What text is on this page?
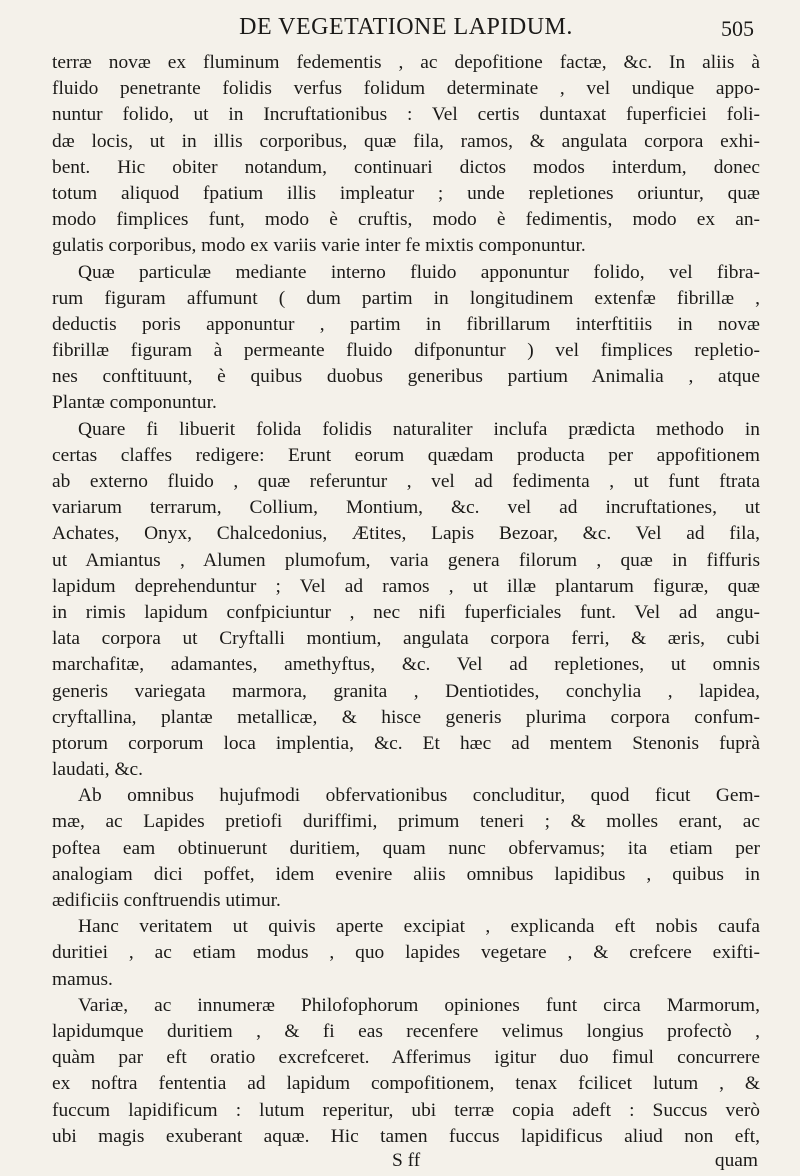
DE VEGETATIONE LAPIDUM.	505
terræ novæ ex fluminum fedementis , ac depofitione factæ, &c. In aliis à
fluido penetrante folidis verfus folidum determinate , vel undique appo-
nuntur folido, ut in Incruftationibus : Vel certis duntaxat fuperficiei foli-
dæ locis, ut in illis corporibus, quæ fila, ramos, & angulata corpora exhi-
bent. Hic obiter notandum, continuari dictos modos interdum, donec
totum aliquod fpatium illis impleatur ; unde repletiones oriuntur, quæ
modo fimplices funt, modo è cruftis, modo è fedimentis, modo ex an-
gulatis corporibus, modo ex variis varie inter fe mixtis componuntur.
Quæ particulæ mediante interno fluido apponuntur folido, vel fibra-
rum figuram affumunt ( dum partim in longitudinem extenfæ fibrillæ ,
deductis poris apponuntur , partim in fibrillarum interftitiis in novæ
fibrillæ figuram à permeante fluido difponuntur ) vel fimplices repletio-
nes conftituunt, è quibus duobus generibus partium Animalia , atque
Plantæ componuntur.
Quare fi libuerit folida folidis naturaliter inclufa prædicta methodo in
certas claffes redigere: Erunt eorum quædam producta per appofitionem
ab externo fluido , quæ referuntur , vel ad fedimenta , ut funt ftrata
variarum terrarum, Collium, Montium, &c. vel ad incruftationes, ut
Achates, Onyx, Chalcedonius, Ætites, Lapis Bezoar, &c. Vel ad fila,
ut Amiantus , Alumen plumofum, varia genera filorum , quæ in fiffuris
lapidum deprehenduntur ; Vel ad ramos , ut illæ plantarum figuræ, quæ
in rimis lapidum confpiciuntur , nec nifi fuperficiales funt. Vel ad angu-
lata corpora ut Cryftalli montium, angulata corpora ferri, & æris, cubi
marchafitæ, adamantes, amethyftus, &c. Vel ad repletiones, ut omnis
generis variegata marmora, granita , Dentiotides, conchylia , lapidea,
cryftallina, plantæ metallicæ, & hisce generis plurima corpora confum-
ptorum corporum loca implentia, &c. Et hæc ad mentem Stenonis fuprà
laudati, &c.
Ab omnibus hujufmodi obfervationibus concluditur, quod ficut Gem-
mæ, ac Lapides pretiofi duriffimi, primum teneri ; & molles erant, ac
poftea eam obtinuerunt duritiem, quam nunc obfervamus; ita etiam per
analogiam dici poffet, idem evenire aliis omnibus lapidibus , quibus in
ædificiis conftruendis utimur.
Hanc veritatem ut quivis aperte excipiat , explicanda eft nobis caufa
duritiei , ac etiam modus , quo lapides vegetare , & crefcere exifti-
mamus.
Variæ, ac innumeræ Philofophorum opiniones funt circa Marmorum,
lapidumque duritiem , & fi eas recenfere velimus longius profectò ,
quàm par eft oratio excrefceret. Afferimus igitur duo fimul concurrere
ex noftra fententia ad lapidum compofitionem, tenax fcilicet lutum , &
fuccum lapidificum : lutum reperitur, ubi terræ copia adeft : Succus verò
ubi magis exuberant aquæ. Hic tamen fuccus lapidificus aliud non eft,
S ff	quam
